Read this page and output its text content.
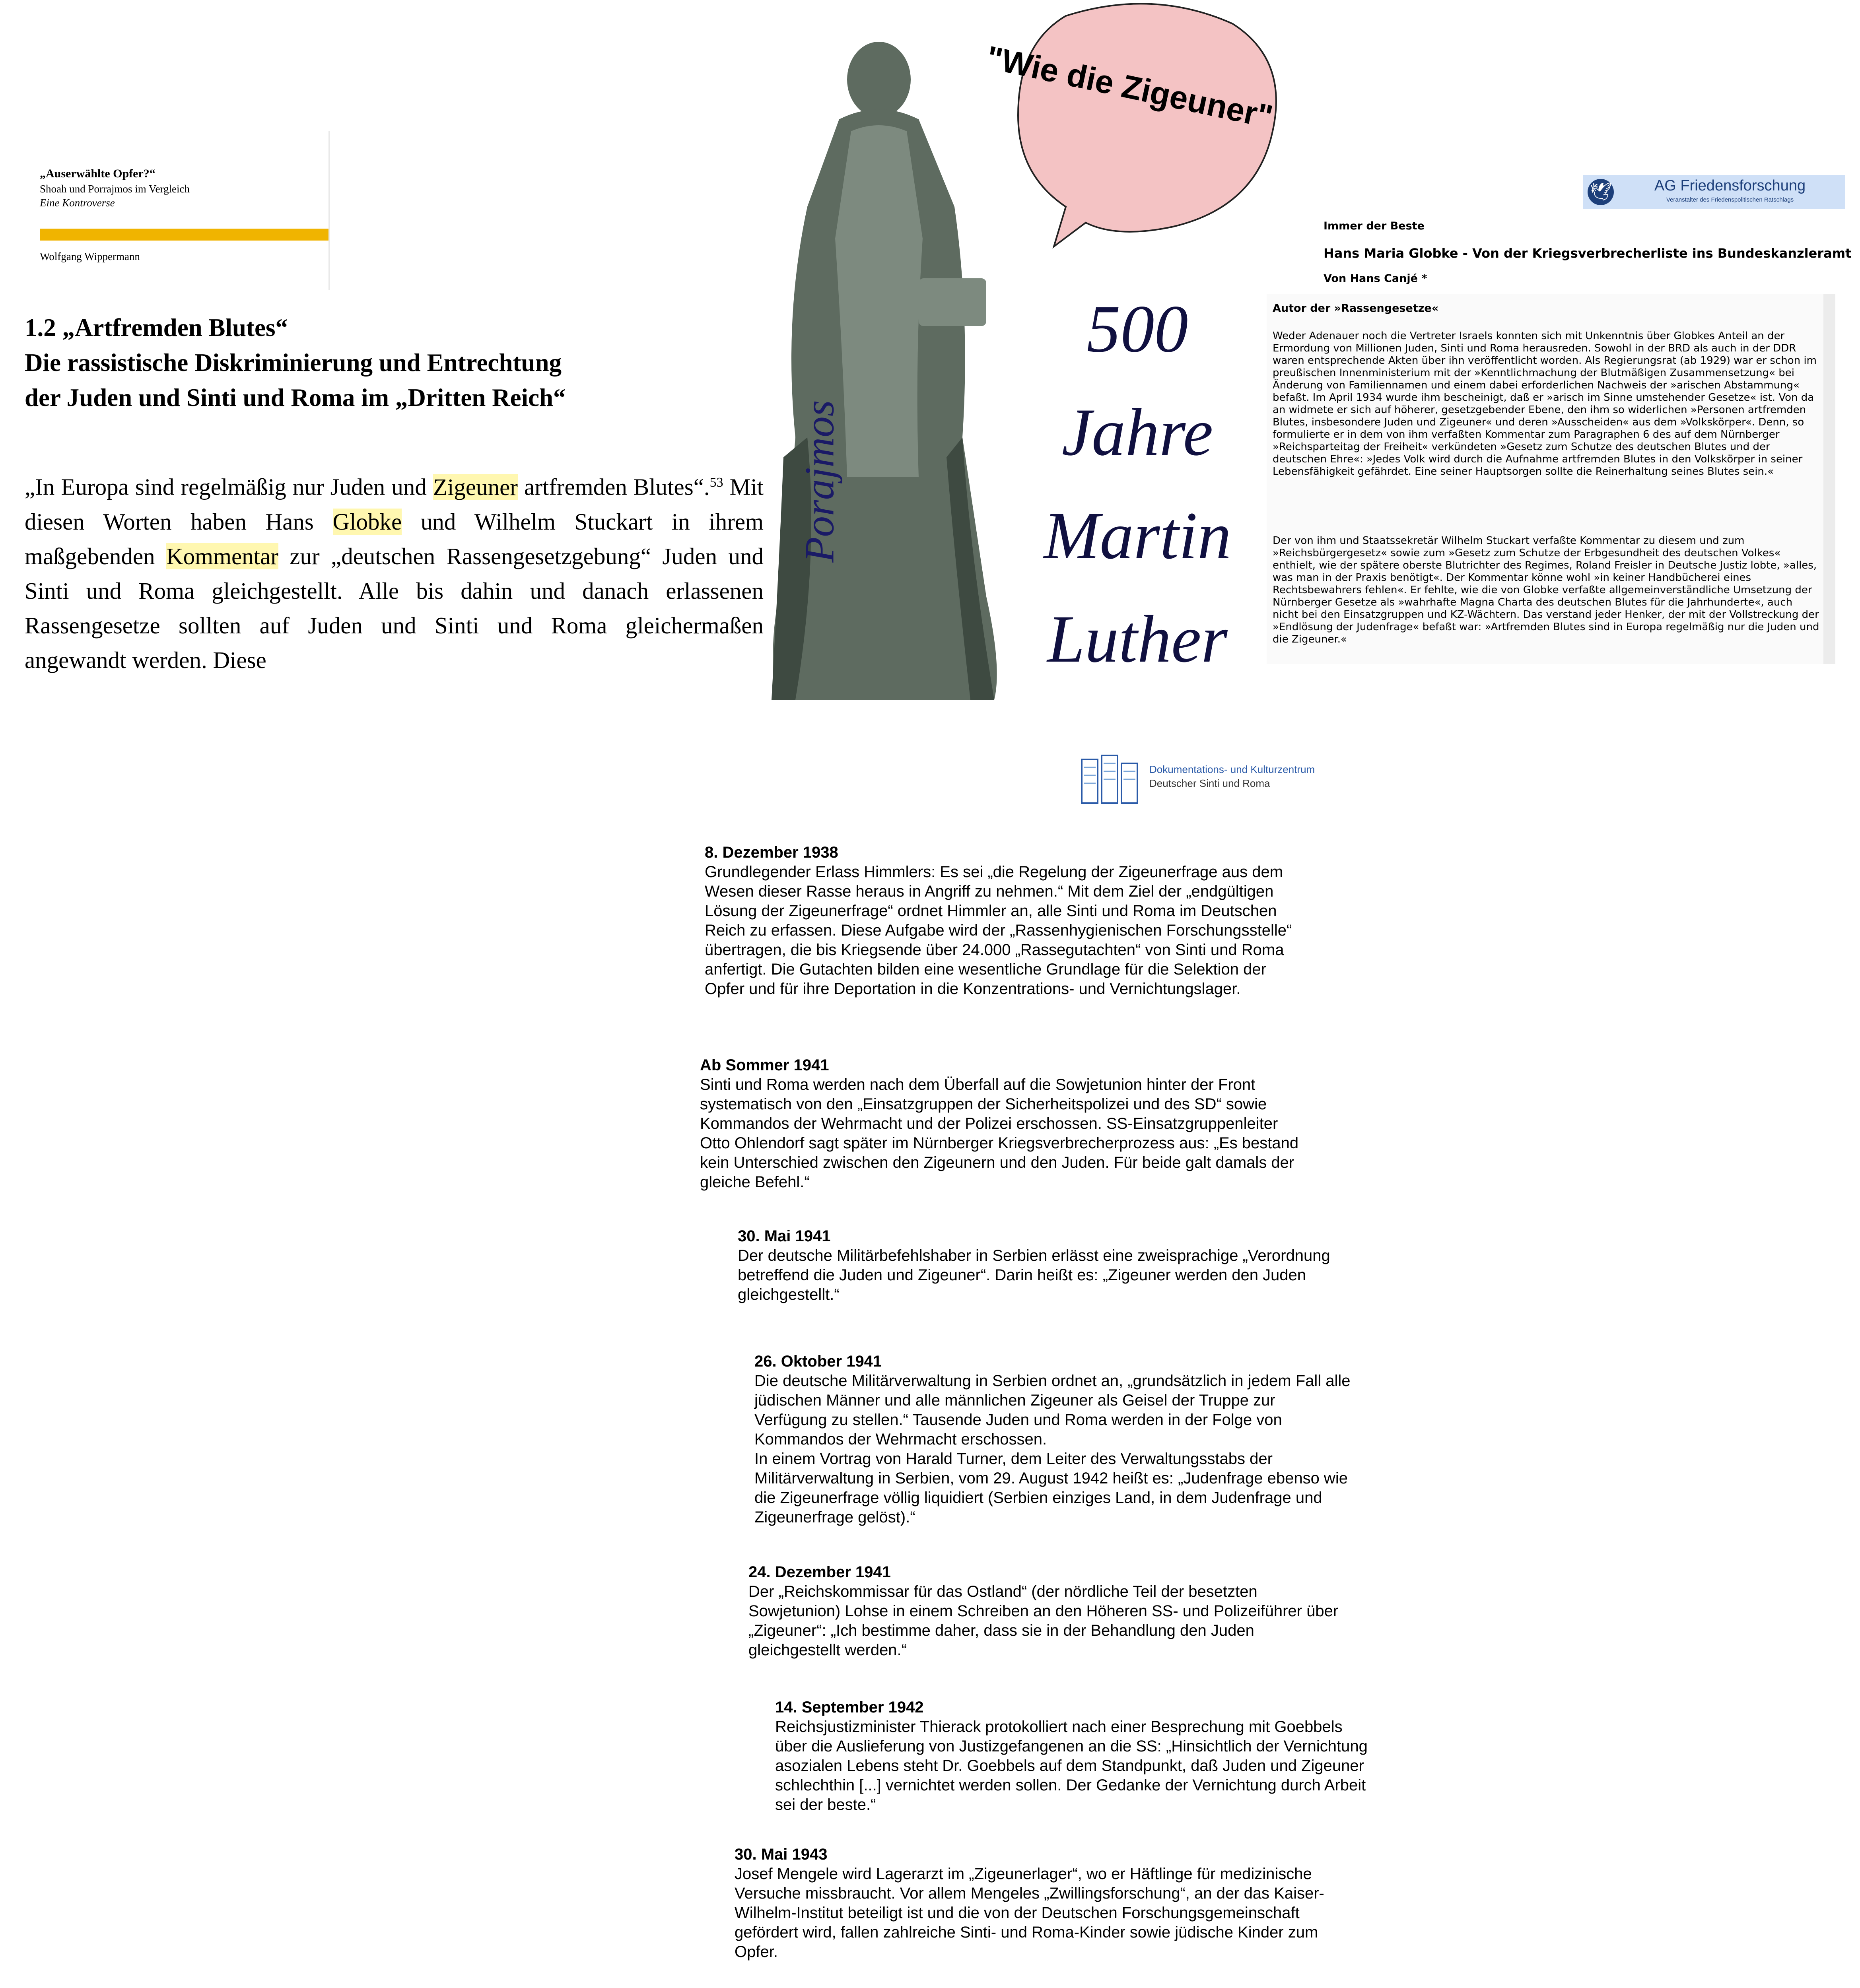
„Auserwählte Opfer?“
Shoah und Porrajmos im Vergleich
Eine Kontroverse
Wolfgang Wippermann
1.2 „Artfremden Blutes“
Die rassistische Diskriminierung und Entrechtung
der Juden und Sinti und Roma im „Dritten Reich“
„In Europa sind regelmäßig nur Juden und Zigeuner artfremden Blutes“.$^{53}$ Mit diesen Worten haben Hans Globke und Wilhelm Stuckart in ihrem maßgebenden Kommentar zur „deutschen Rassengesetzgebung“ Juden und Sinti und Roma gleichgestellt. Alle bis dahin und danach erlassenen Rassengesetze sollten auf Juden und Sinti und Roma gleichermaßen angewandt werden. Diese
"Wie die Zigeuner"
500
Jahre
Martin
Luther
Porajmos
🕊	AG Friedensforschung
Veranstalter des Friedenspolitischen Ratschlags
Immer der Beste
Hans Maria Globke - Von der Kriegsverbrecherliste ins Bundeskanzleramt
Von Hans Canjé *
Autor der »Rassengesetze«
Weder Adenauer noch die Vertreter Israels konnten sich mit Unkenntnis über Globkes Anteil an der Ermordung von Millionen Juden, Sinti und Roma herausreden. Sowohl in der BRD als auch in der DDR waren entsprechende Akten über ihn veröffentlicht worden. Als Regierungsrat (ab 1929) war er schon im preußischen Innenministerium mit der »Kenntlichmachung der Blutmäßigen Zusammensetzung« bei Änderung von Familiennamen und einem dabei erforderlichen Nachweis der »arischen Abstammung« befaßt. Im April 1934 wurde ihm bescheinigt, daß er »arisch im Sinne umstehender Gesetze« ist. Von da an widmete er sich auf höherer, gesetzgebender Ebene, den ihm so widerlichen »Personen artfremden Blutes, insbesondere Juden und Zigeuner« und deren »Ausscheiden« aus dem »Volkskörper«. Denn, so formulierte er in dem von ihm verfaßten Kommentar zum Paragraphen 6 des auf dem Nürnberger »Reichsparteitag der Freiheit« verkündeten »Gesetz zum Schutze des deutschen Blutes und der deutschen Ehre«: »Jedes Volk wird durch die Aufnahme artfremden Blutes in den Volkskörper in seiner Lebensfähigkeit gefährdet. Eine seiner Hauptsorgen sollte die Reinerhaltung seines Blutes sein.«
Der von ihm und Staatssekretär Wilhelm Stuckart verfaßte Kommentar zu diesem und zum »Reichsbürgergesetz« sowie zum »Gesetz zum Schutze der Erbgesundheit des deutschen Volkes« enthielt, wie der spätere oberste Blutrichter des Regimes, Roland Freisler in Deutsche Justiz lobte, »alles, was man in der Praxis benötigt«. Der Kommentar könne wohl »in keiner Handbücherei eines Rechtsbewahrers fehlen«. Er fehlte, wie die von Globke verfaßte allgemeinverständliche Umsetzung der Nürnberger Gesetze als »wahrhafte Magna Charta des deutschen Blutes für die Jahrhunderte«, auch nicht bei den Einsatzgruppen und KZ-Wächtern. Das verstand jeder Henker, der mit der Vollstreckung der »Endlösung der Judenfrage« befaßt war: »Artfremden Blutes sind in Europa regelmäßig nur die Juden und die Zigeuner.«
Dokumentations- und Kulturzentrum
Deutscher Sinti und Roma
8. Dezember 1938
Grundlegender Erlass Himmlers: Es sei „die Regelung der Zigeunerfrage aus dem
Wesen dieser Rasse heraus in Angriff zu nehmen.“ Mit dem Ziel der „endgültigen
Lösung der Zigeunerfrage“ ordnet Himmler an, alle Sinti und Roma im Deutschen
Reich zu erfassen. Diese Aufgabe wird der „Rassenhygienischen Forschungsstelle“
übertragen, die bis Kriegsende über 24.000 „Rassegutachten“ von Sinti und Roma
anfertigt. Die Gutachten bilden eine wesentliche Grundlage für die Selektion der
Opfer und für ihre Deportation in die Konzentrations- und Vernichtungslager.
Ab Sommer 1941
Sinti und Roma werden nach dem Überfall auf die Sowjetunion hinter der Front
systematisch von den „Einsatzgruppen der Sicherheitspolizei und des SD“ sowie
Kommandos der Wehrmacht und der Polizei erschossen. SS-Einsatzgruppenleiter
Otto Ohlendorf sagt später im Nürnberger Kriegsverbrecherprozess aus: „Es bestand
kein Unterschied zwischen den Zigeunern und den Juden. Für beide galt damals der
gleiche Befehl.“
30. Mai 1941
Der deutsche Militärbefehlshaber in Serbien erlässt eine zweisprachige „Verordnung
betreffend die Juden und Zigeuner“. Darin heißt es: „Zigeuner werden den Juden
gleichgestellt.“
26. Oktober 1941
Die deutsche Militärverwaltung in Serbien ordnet an, „grundsätzlich in jedem Fall alle
jüdischen Männer und alle männlichen Zigeuner als Geisel der Truppe zur
Verfügung zu stellen.“ Tausende Juden und Roma werden in der Folge von
Kommandos der Wehrmacht erschossen.
In einem Vortrag von Harald Turner, dem Leiter des Verwaltungsstabs der
Militärverwaltung in Serbien, vom 29. August 1942 heißt es: „Judenfrage ebenso wie
die Zigeunerfrage völlig liquidiert (Serbien einziges Land, in dem Judenfrage und
Zigeunerfrage gelöst).“
24. Dezember 1941
Der „Reichskommissar für das Ostland“ (der nördliche Teil der besetzten
Sowjetunion) Lohse in einem Schreiben an den Höheren SS- und Polizeiführer über
„Zigeuner“: „Ich bestimme daher, dass sie in der Behandlung den Juden
gleichgestellt werden.“
14. September 1942
Reichsjustizminister Thierack protokolliert nach einer Besprechung mit Goebbels
über die Auslieferung von Justizgefangenen an die SS: „Hinsichtlich der Vernichtung
asozialen Lebens steht Dr. Goebbels auf dem Standpunkt, daß Juden und Zigeuner
schlechthin [...] vernichtet werden sollen. Der Gedanke der Vernichtung durch Arbeit
sei der beste.“
30. Mai 1943
Josef Mengele wird Lagerarzt im „Zigeunerlager“, wo er Häftlinge für medizinische
Versuche missbraucht. Vor allem Mengeles „Zwillingsforschung“, an der das Kaiser-
Wilhelm-Institut beteiligt ist und die von der Deutschen Forschungsgemeinschaft
gefördert wird, fallen zahlreiche Sinti- und Roma-Kinder sowie jüdische Kinder zum
Opfer.
